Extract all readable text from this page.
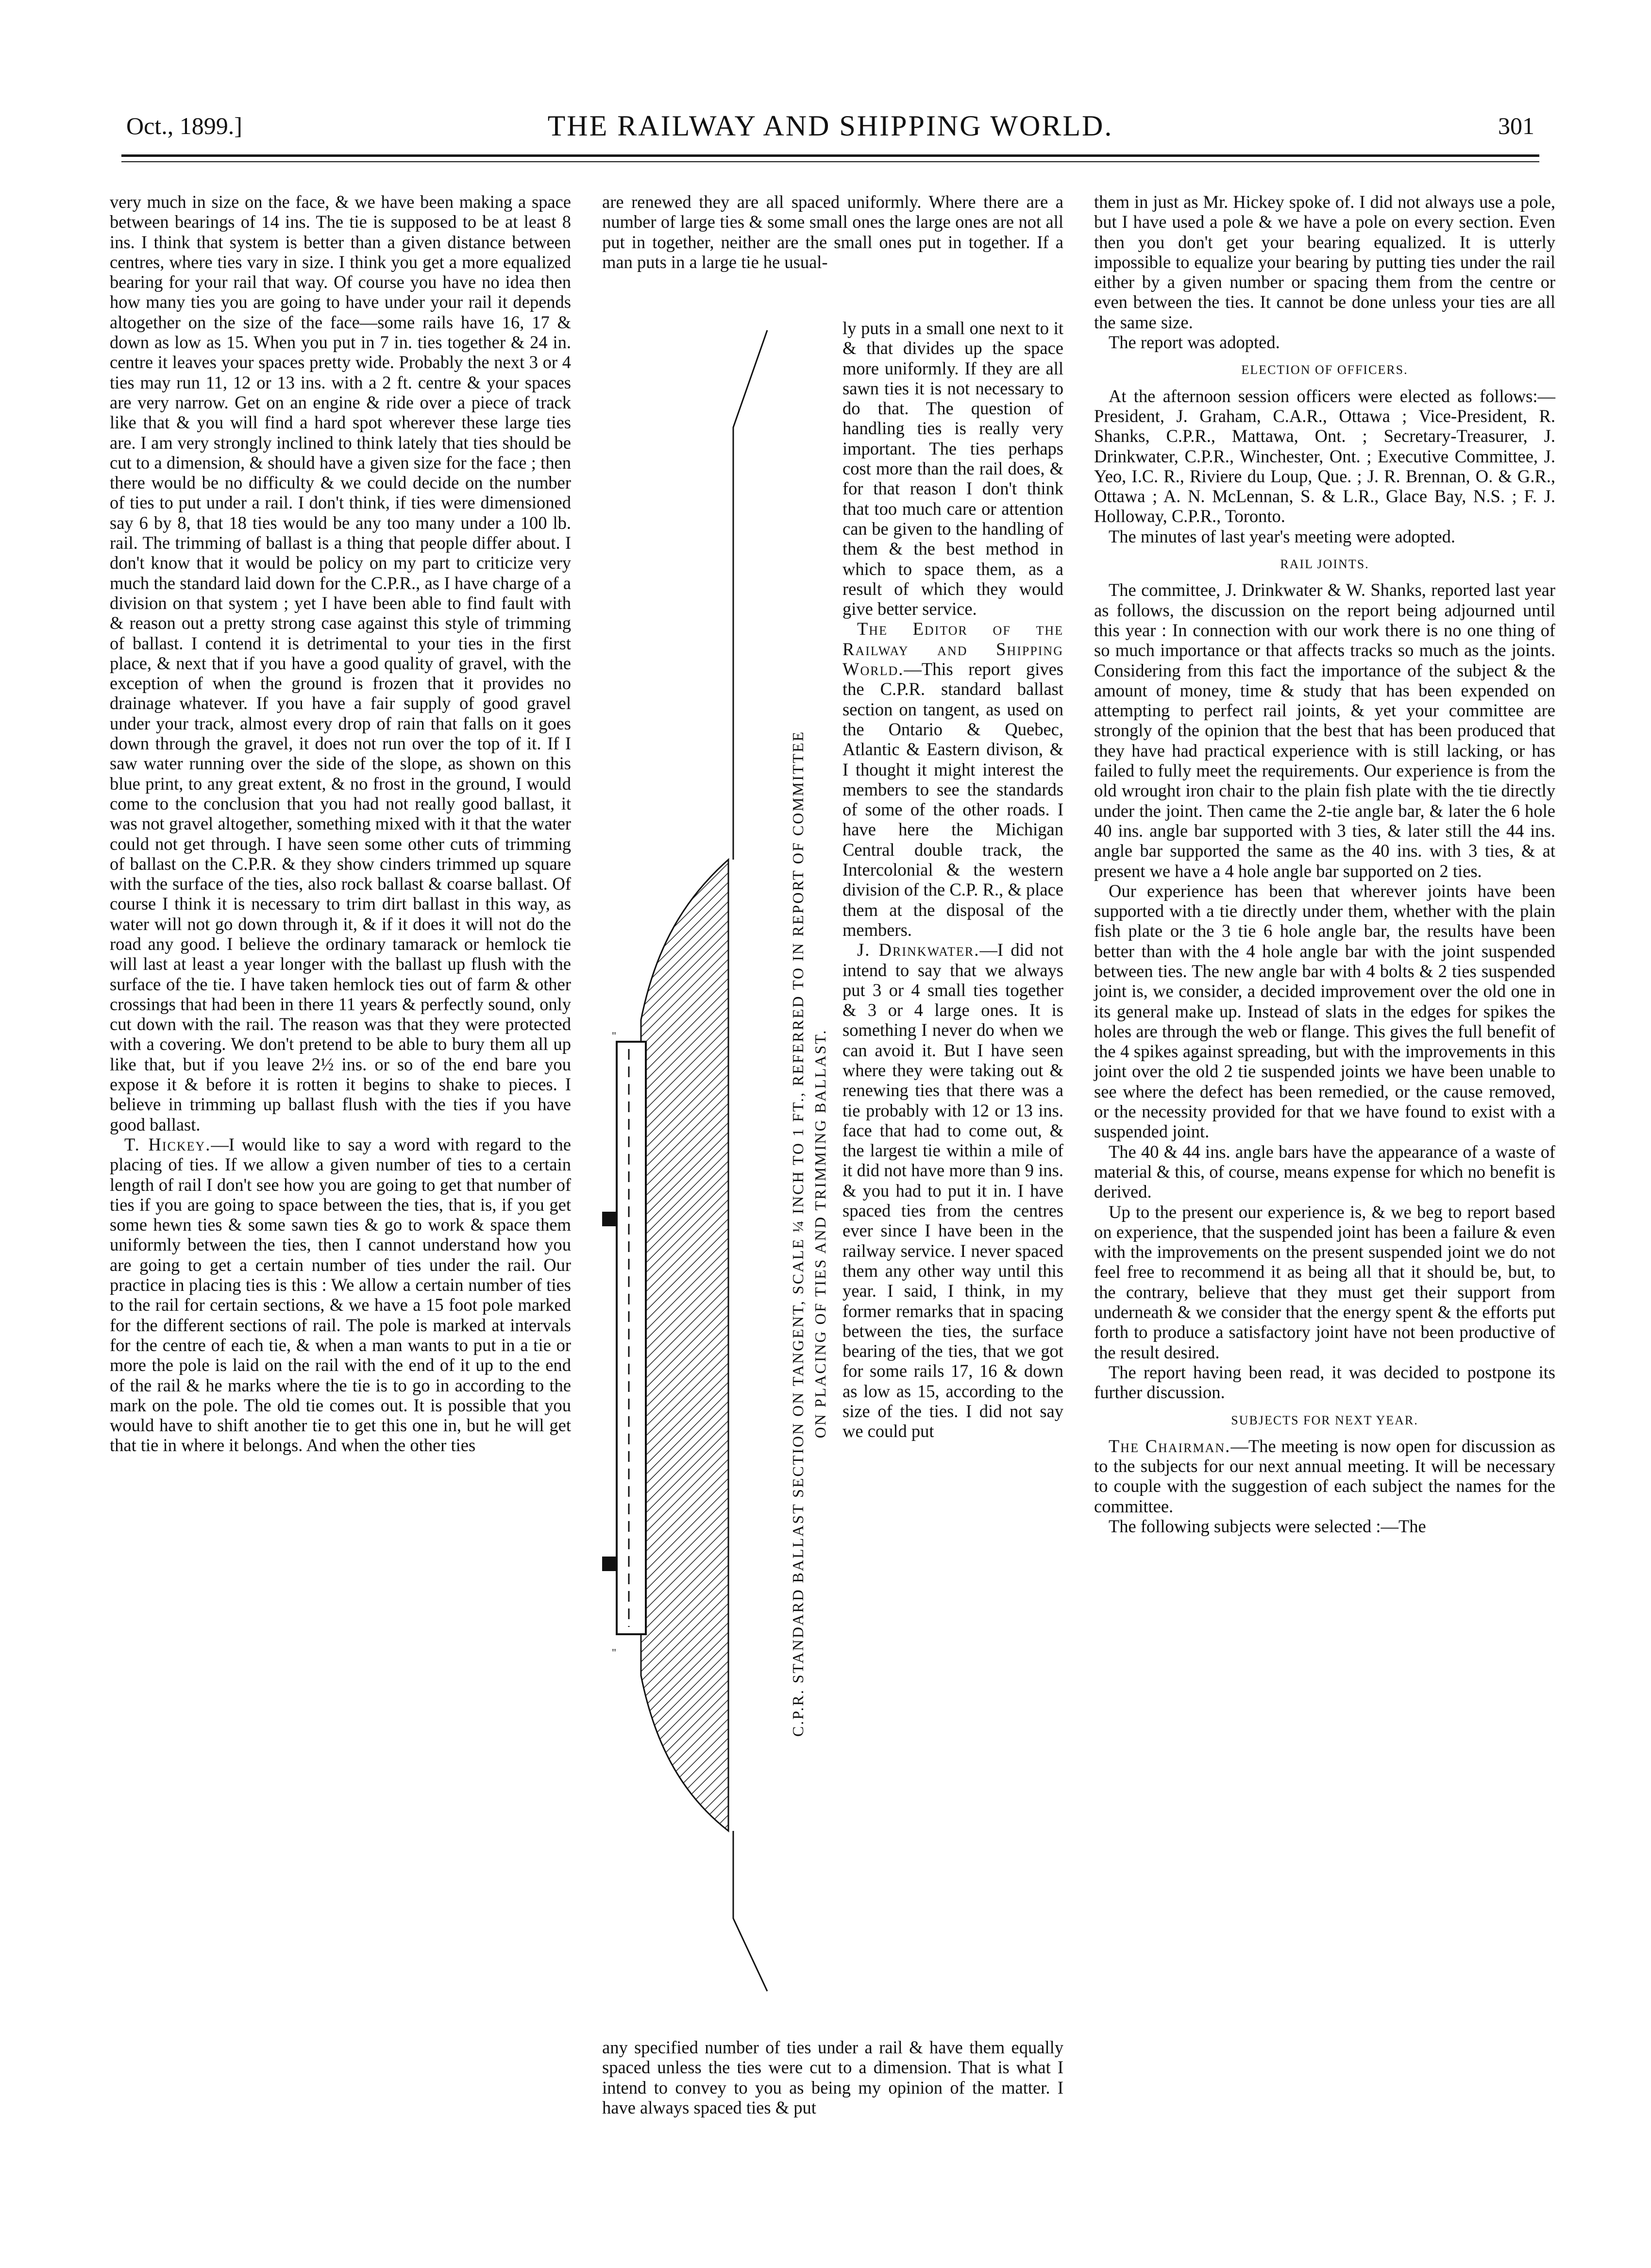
Oct., 1899.]	THE RAILWAY AND SHIPPING WORLD.	301

very much in size on the face, & we have been making a space between bearings of 14 ins. The tie is supposed to be at least 8 ins. I think that system is better than a given distance between centres, where ties vary in size. I think you get a more equalized bearing for your rail that way. Of course you have no idea then how many ties you are going to have under your rail it depends altogether on the size of the face—some rails have 16, 17 & down as low as 15. When you put in 7 in. ties together & 24 in. centre it leaves your spaces pretty wide. Probably the next 3 or 4 ties may run 11, 12 or 13 ins. with a 2 ft. centre & your spaces are very narrow. Get on an engine & ride over a piece of track like that & you will find a hard spot wherever these large ties are. I am very strongly inclined to think lately that ties should be cut to a dimension, & should have a given size for the face ; then there would be no difficulty & we could decide on the number of ties to put under a rail. I don't think, if ties were dimensioned say 6 by 8, that 18 ties would be any too many under a 100 lb. rail. The trimming of ballast is a thing that people differ about. I don't know that it would be policy on my part to criticize very much the standard laid down for the C.P.R., as I have charge of a division on that system ; yet I have been able to find fault with & reason out a pretty strong case against this style of trimming of ballast. I contend it is detrimental to your ties in the first place, & next that if you have a good quality of gravel, with the exception of when the ground is frozen that it provides no drainage whatever. If you have a fair supply of good gravel under your track, almost every drop of rain that falls on it goes down through the gravel, it does not run over the top of it. If I saw water running over the side of the slope, as shown on this blue print, to any great extent, & no frost in the ground, I would come to the conclusion that you had not really good ballast, it was not gravel altogether, something mixed with it that the water could not get through. I have seen some other cuts of trimming of ballast on the C.P.R. & they show cinders trimmed up square with the surface of the ties, also rock ballast & coarse ballast. Of course I think it is necessary to trim dirt ballast in this way, as water will not go down through it, & if it does it will not do the road any good. I believe the ordinary tamarack or hemlock tie will last at least a year longer with the ballast up flush with the surface of the tie. I have taken hemlock ties out of farm & other crossings that had been in there 11 years & perfectly sound, only cut down with the rail. The reason was that they were protected with a covering. We don't pretend to be able to bury them all up like that, but if you leave 2½ ins. or so of the end bare you expose it & before it is rotten it begins to shake to pieces. I believe in trimming up ballast flush with the ties if you have good ballast.

T. Hickey.—I would like to say a word with regard to the placing of ties. If we allow a given number of ties to a certain length of rail I don't see how you are going to get that number of ties if you are going to space between the ties, that is, if you get some hewn ties & some sawn ties & go to work & space them uniformly between the ties, then I cannot understand how you are going to get a certain number of ties under the rail. Our practice in placing ties is this : We allow a certain number of ties to the rail for certain sections, & we have a 15 foot pole marked for the different sections of rail. The pole is marked at intervals for the centre of each tie, & when a man wants to put in a tie or more the pole is laid on the rail with the end of it up to the end of the rail & he marks where the tie is to go in according to the mark on the pole. The old tie comes out. It is possible that you would have to shift another tie to get this one in, but he will get that tie in where it belongs. And when the other ties

are renewed they are all spaced uniformly. Where there are a number of large ties & some small ones the large ones are not all put in together, neither are the small ones put in together. If a man puts in a large tie he usual-

"
"	C.P.R. STANDARD BALLAST SECTION ON TANGENT, SCALE ¼ INCH TO 1 FT., REFERRED TO IN REPORT OF COMMITTEE ON PLACING OF TIES AND TRIMMING BALLAST.

ly puts in a small one next to it & that divides up the space more uniformly. If they are all sawn ties it is not necessary to do that. The question of handling ties is really very important. The ties perhaps cost more than the rail does, & for that reason I don't think that too much care or attention can be given to the handling of them & the best method in which to space them, as a result of which they would give better service.

The Editor of the Railway and Shipping World.—This report gives the C.P.R. standard ballast section on tangent, as used on the Ontario & Quebec, Atlantic & Eastern divison, & I thought it might interest the members to see the standards of some of the other roads. I have here the Michigan Central double track, the Intercolonial & the western division of the C.P. R., & place them at the disposal of the members.

J. Drinkwater.—I did not intend to say that we always put 3 or 4 small ties together & 3 or 4 large ones. It is something I never do when we can avoid it. But I have seen where they were taking out & renewing ties that there was a tie probably with 12 or 13 ins. face that had to come out, & the largest tie within a mile of it did not have more than 9 ins. & you had to put it in. I have spaced ties from the centres ever since I have been in the railway service. I never spaced them any other way until this year. I said, I think, in my former remarks that in spacing between the ties, the surface bearing of the ties, that we got for some rails 17, 16 & down as low as 15, according to the size of the ties. I did not say we could put

any specified number of ties under a rail & have them equally spaced unless the ties were cut to a dimension. That is what I intend to convey to you as being my opinion of the matter. I have always spaced ties & put

them in just as Mr. Hickey spoke of. I did not always use a pole, but I have used a pole & we have a pole on every section. Even then you don't get your bearing equalized. It is utterly impossible to equalize your bearing by putting ties under the rail either by a given number or spacing them from the centre or even between the ties. It cannot be done unless your ties are all the same size.

The report was adopted.

ELECTION OF OFFICERS.

At the afternoon session officers were elected as follows:—President, J. Graham, C.A.R., Ottawa ; Vice-President, R. Shanks, C.P.R., Mattawa, Ont. ; Secretary-Treasurer, J. Drinkwater, C.P.R., Winchester, Ont. ; Executive Committee, J. Yeo, I.C. R., Riviere du Loup, Que. ; J. R. Brennan, O. & G.R., Ottawa ; A. N. McLennan, S. & L.R., Glace Bay, N.S. ; F. J. Holloway, C.P.R., Toronto.

The minutes of last year's meeting were adopted.

RAIL JOINTS.

The committee, J. Drinkwater & W. Shanks, reported last year as follows, the discussion on the report being adjourned until this year : In connection with our work there is no one thing of so much importance or that affects tracks so much as the joints. Considering from this fact the importance of the subject & the amount of money, time & study that has been expended on attempting to perfect rail joints, & yet your committee are strongly of the opinion that the best that has been produced that they have had practical experience with is still lacking, or has failed to fully meet the requirements. Our experience is from the old wrought iron chair to the plain fish plate with the tie directly under the joint. Then came the 2-tie angle bar, & later the 6 hole 40 ins. angle bar supported with 3 ties, & later still the 44 ins. angle bar supported the same as the 40 ins. with 3 ties, & at present we have a 4 hole angle bar supported on 2 ties.

Our experience has been that wherever joints have been supported with a tie directly under them, whether with the plain fish plate or the 3 tie 6 hole angle bar, the results have been better than with the 4 hole angle bar with the joint suspended between ties. The new angle bar with 4 bolts & 2 ties suspended joint is, we consider, a decided improvement over the old one in its general make up. Instead of slats in the edges for spikes the holes are through the web or flange. This gives the full benefit of the 4 spikes against spreading, but with the improvements in this joint over the old 2 tie suspended joints we have been unable to see where the defect has been remedied, or the cause removed, or the necessity provided for that we have found to exist with a suspended joint.

The 40 & 44 ins. angle bars have the appearance of a waste of material & this, of course, means expense for which no benefit is derived.

Up to the present our experience is, & we beg to report based on experience, that the suspended joint has been a failure & even with the improvements on the present suspended joint we do not feel free to recommend it as being all that it should be, but, to the contrary, believe that they must get their support from underneath & we consider that the energy spent & the efforts put forth to produce a satisfactory joint have not been productive of the result desired.

The report having been read, it was decided to postpone its further discussion.

SUBJECTS FOR NEXT YEAR.

The Chairman.—The meeting is now open for discussion as to the subjects for our next annual meeting. It will be necessary to couple with the suggestion of each subject the names for the committee.

The following subjects were selected :—The
